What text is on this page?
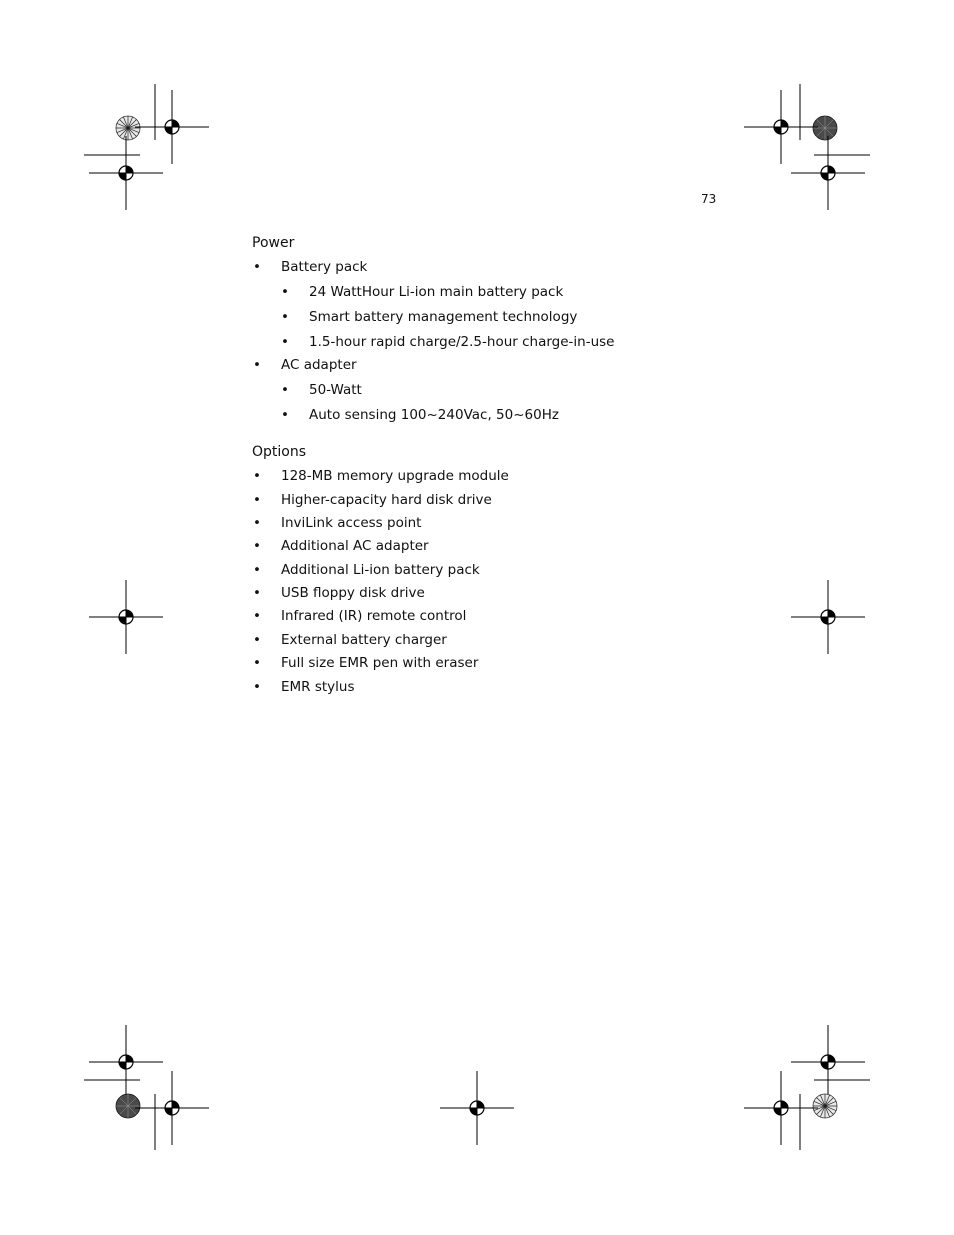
73
Power
• Battery pack
• 24 WattHour Li-ion main battery pack
• Smart battery management technology
• 1.5-hour rapid charge/2.5-hour charge-in-use
• AC adapter
• 50-Watt
• Auto sensing 100~240Vac, 50~60Hz
Options
• 128-MB memory upgrade module
• Higher-capacity hard disk drive
• InviLink access point
• Additional AC adapter
• Additional Li-ion battery pack
• USB floppy disk drive
• Infrared (IR) remote control
• External battery charger
• Full size EMR pen with eraser
• EMR stylus
